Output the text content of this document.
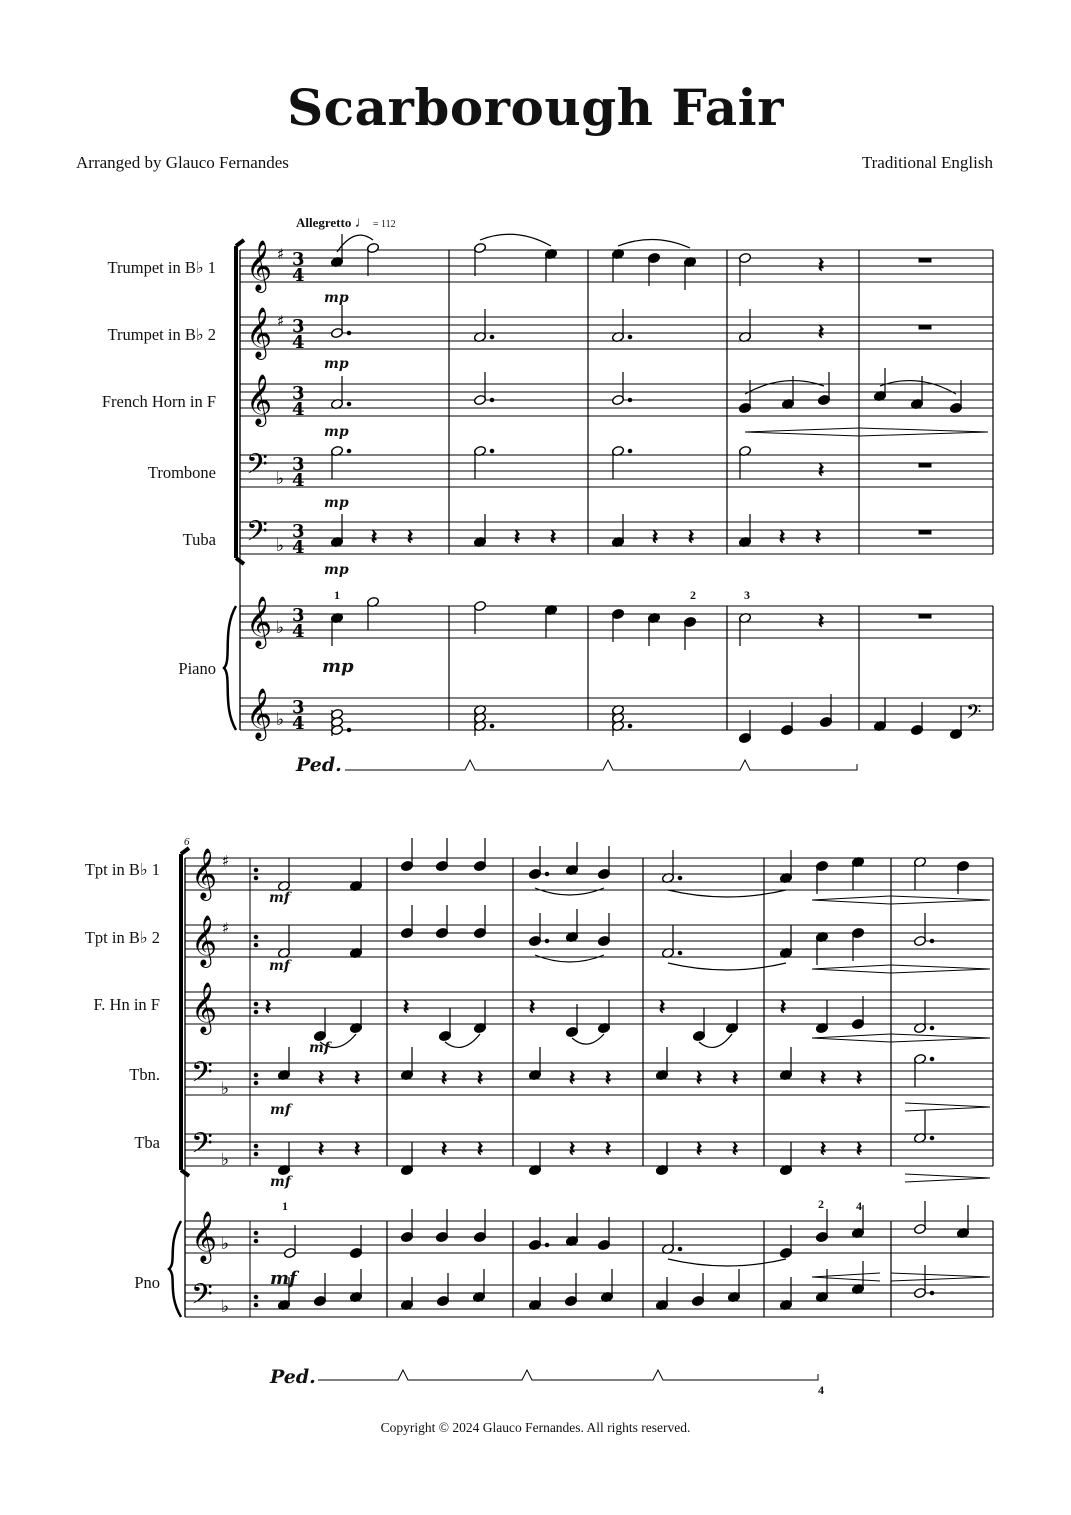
Scarborough Fair
Arranged by Glauco Fernandes	Traditional English
Allegretto ♩ = 112
Trumpet in B♭ 1
Trumpet in B♭ 2
French Horn in F
Trombone
Tuba
Piano
Tpt in B♭ 1
Tpt in B♭ 2
F. Hn in F
Tbn.
Tba
Pno
6
𝄽
𝄽
𝄽
𝄽 𝄽	𝄽 𝄽	𝄽 𝄽	𝄽 𝄽
𝄽
𝄽	𝄽	𝄽	𝄽	𝄽
𝄽 𝄽	𝄽 𝄽	𝄽 𝄽	𝄽 𝄽	𝄽 𝄽
𝄽 𝄽	𝄽 𝄽	𝄽 𝄽	𝄽 𝄽	𝄽 𝄽
𝄞
𝄞
𝄞
𝄢
𝄢
𝄞
𝄞
𝄞
𝄞
𝄞
𝄢
𝄢
𝄞
𝄢
𝄢
♯
♯
♭
♭
♭
♭
♯
♯
♭
♭
♭
♭
3
4
3
4
3
4
3
4
3
4
3
4
3
4
mp
mp
mp
mp
mp
mp
1	2	3
Ped.
mf
mf
mf
mf
mf
mf
1	2	4
4
Ped.
Copyright © 2024 Glauco Fernandes. All rights reserved.
